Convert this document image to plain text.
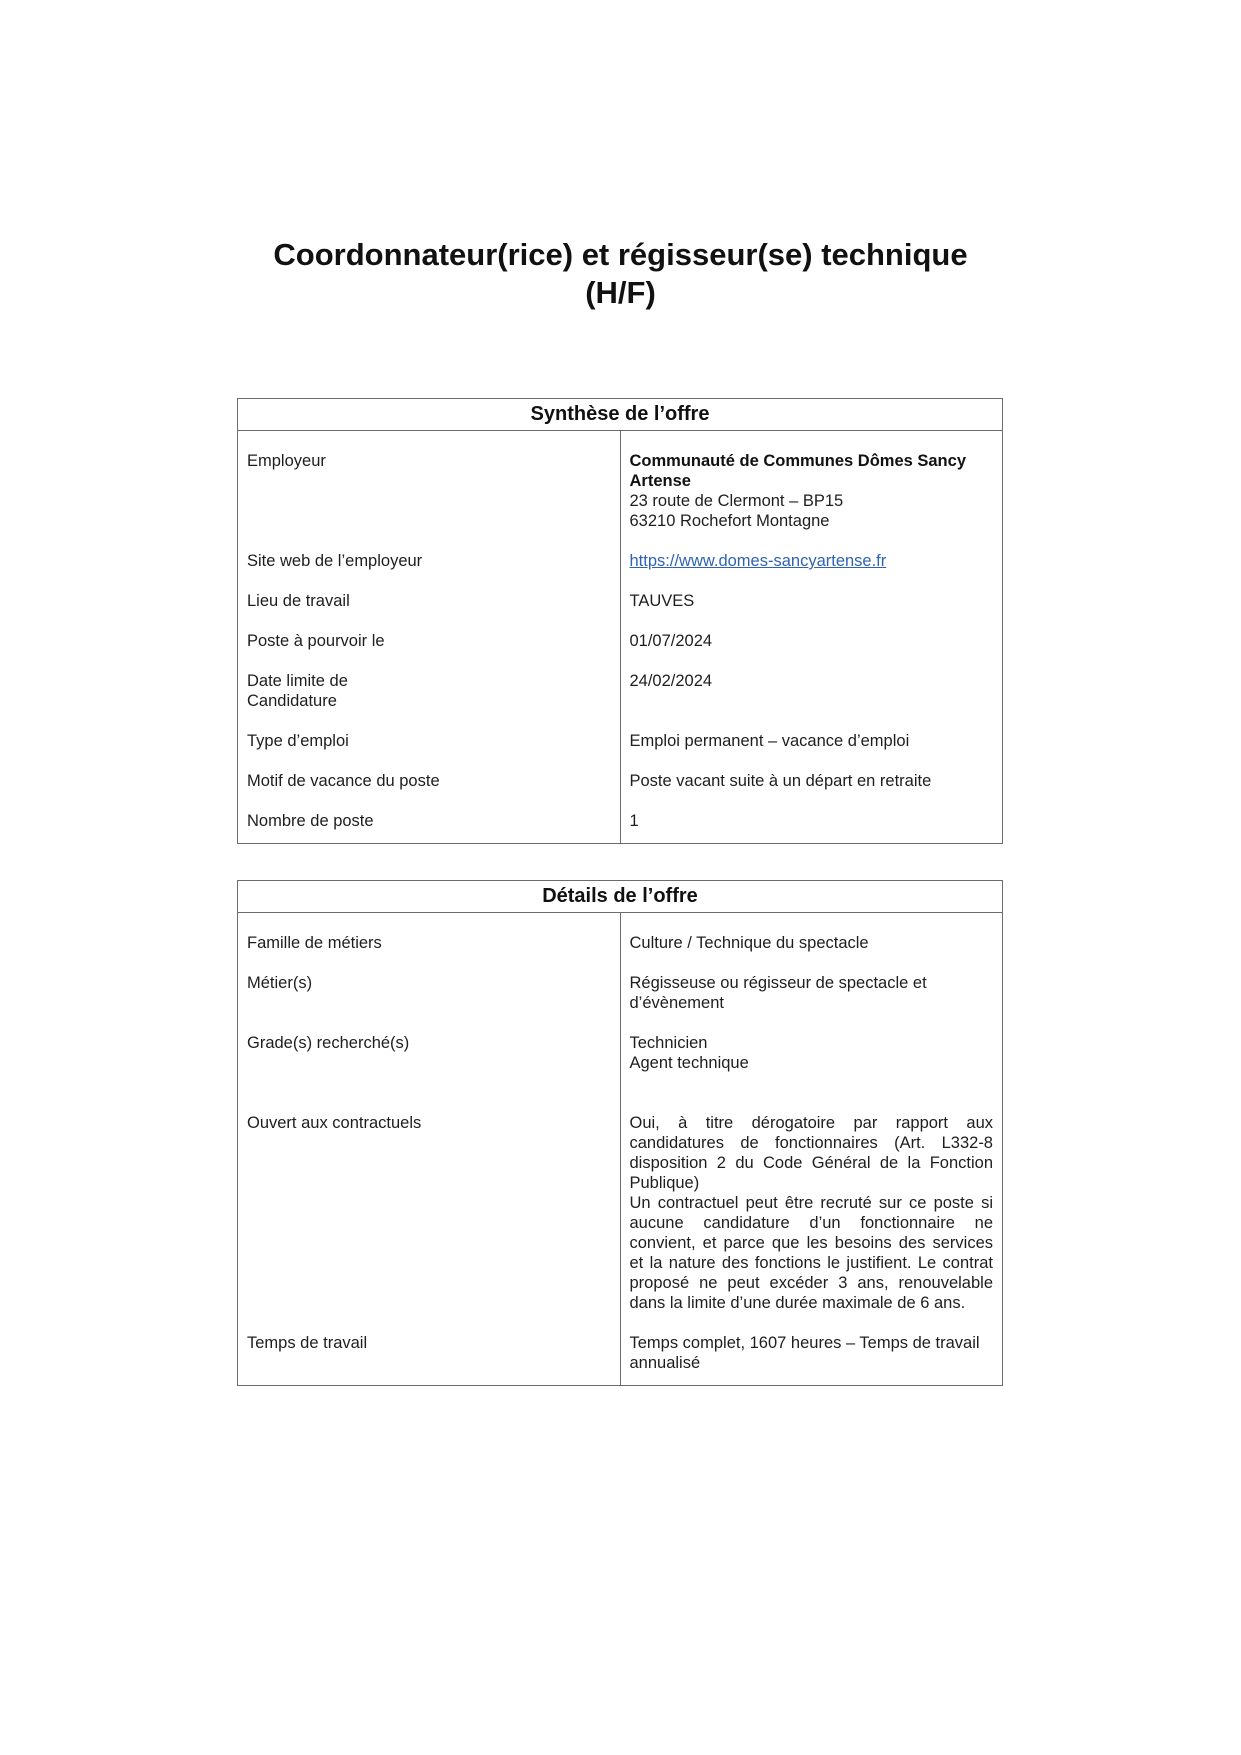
Coordonnateur(rice) et régisseur(se) technique
(H/F)
Synthèse de l’offre	
Employeur	Communauté de Communes Dômes Sancy Artense
23 route de Clermont – BP15
63210 Rochefort Montagne

Site web de l’employeur	https://www.domes-sancyartense.fr
Lieu de travail	TAUVES
Poste à pourvoir le	01/07/2024

Date limite de
Candidature	24/02/2024
Type d’emploi	Emploi permanent – vacance d’emploi
Motif de vacance du poste	Poste vacant suite à un départ en retraite
Nombre de poste	1
Détails de l’offre	
Famille de métiers	Culture / Technique du spectacle
Métier(s)	Régisseuse ou régisseur de spectacle et d’évènement
Grade(s) recherché(s)	Technicien
Agent technique

Ouvert aux contractuels	Oui, à titre dérogatoire par rapport aux candidatures de fonctionnaires (Art. L332-8 disposition 2 du Code Général de la Fonction Publique)
Un contractuel peut être recruté sur ce poste si aucune candidature d’un fonctionnaire ne convient, et parce que les besoins des services et la nature des fonctions le justifient. Le contrat proposé ne peut excéder 3 ans, renouvelable dans la limite d’une durée maximale de 6 ans.

Temps de travail	Temps complet, 1607 heures – Temps de travail annualisé
